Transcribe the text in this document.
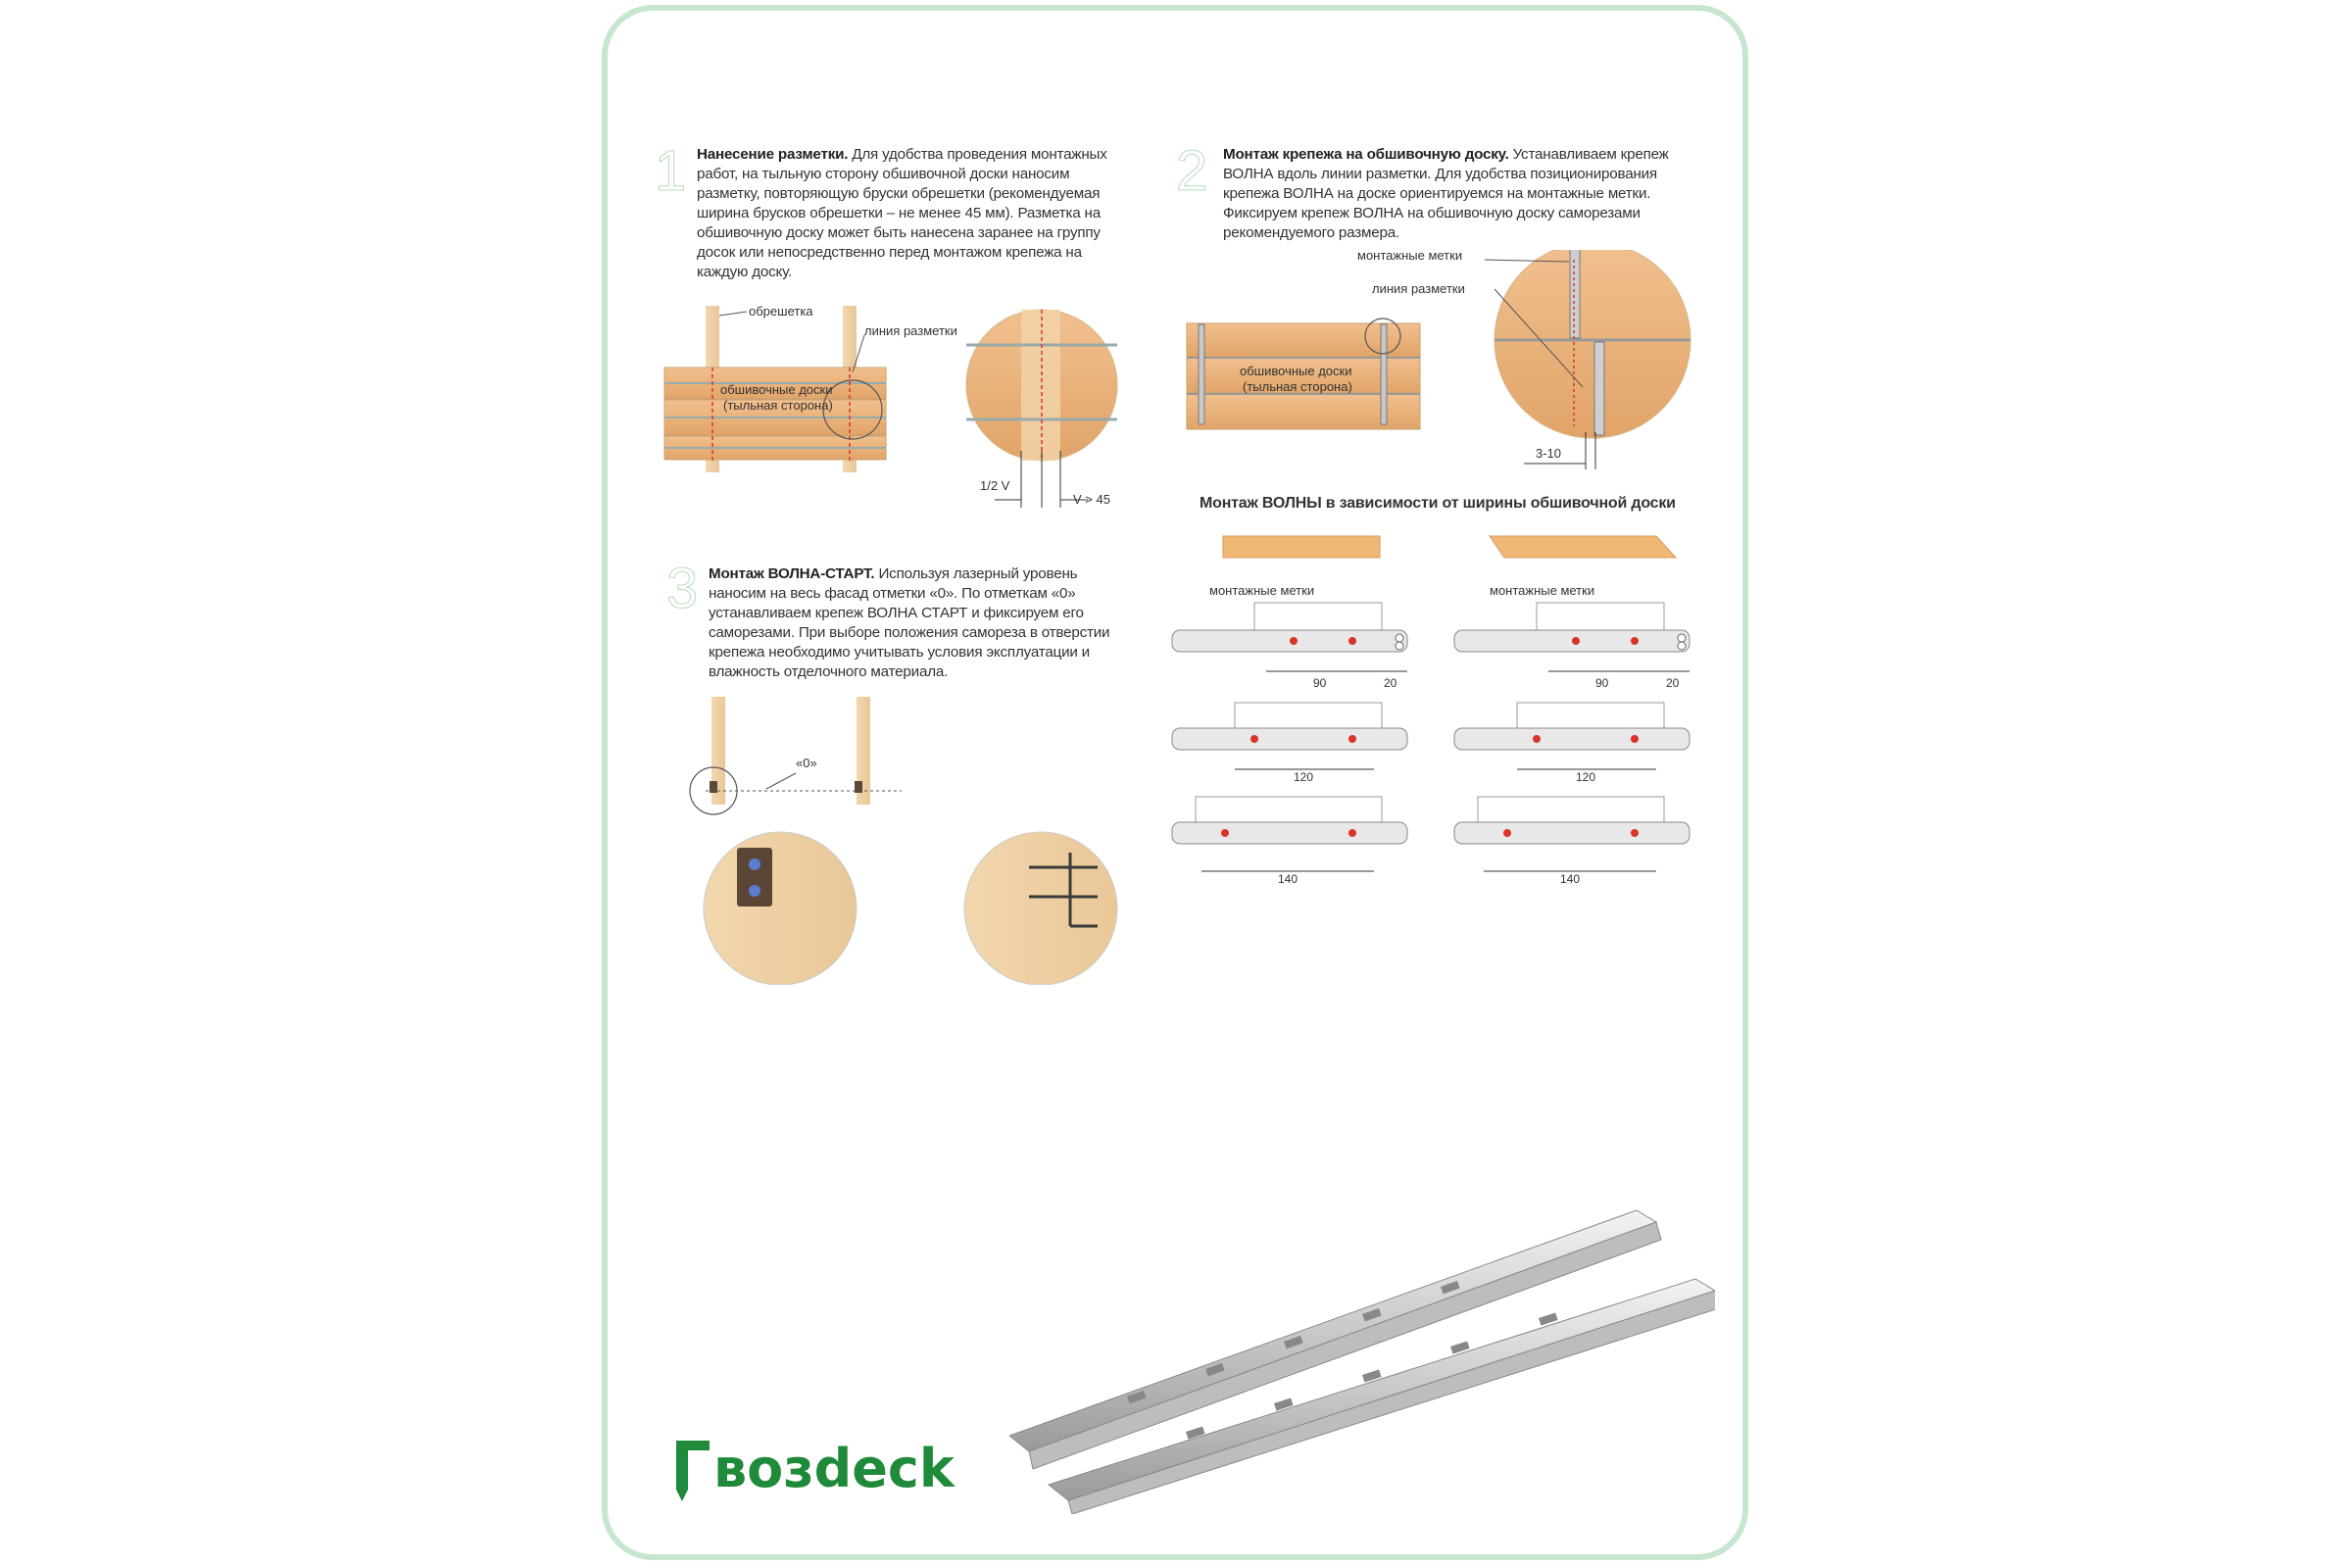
1 Нанесение разметки. Для удобства проведения монтажных работ, на тыльную сторону обшивочной доски наносим разметку, повторяющую бруски обрешетки (рекомендуемая ширина брусков обрешетки – не менее 45 мм). Разметка на обшивочную доску может быть нанесена заранее на группу досок или непосредственно перед монтажом крепежа на каждую доску.
обрешетка
линия разметки
обшивочные доски
(тыльная сторона)
1/2 V
V > 45
2 Монтаж крепежа на обшивочную доску. Устанавливаем крепеж ВОЛНА вдоль линии разметки. Для удобства позиционирования крепежа ВОЛНА на доске ориентируемся на монтажные метки. Фиксируем крепеж ВОЛНА на обшивочную доску саморезами рекомендуемого размера.
обшивочные доски
(тыльная сторона)
монтажные метки
линия разметки
3-10
Монтаж ВОЛНЫ в зависимости от ширины обшивочной доски
монтажные метки	монтажные метки
90	20
120
140
90	20
120
140
3 Монтаж ВОЛНА-СТАРТ. Используя лазерный уровень наносим на весь фасад отметки «0». По отметкам «0» устанавливаем крепеж ВОЛНА СТАРТ и фиксируем его саморезами. При выборе положения самореза в отверстии крепежа необходимо учитывать условия эксплуатации и влажность отделочного материала.
«0»
возdeck
